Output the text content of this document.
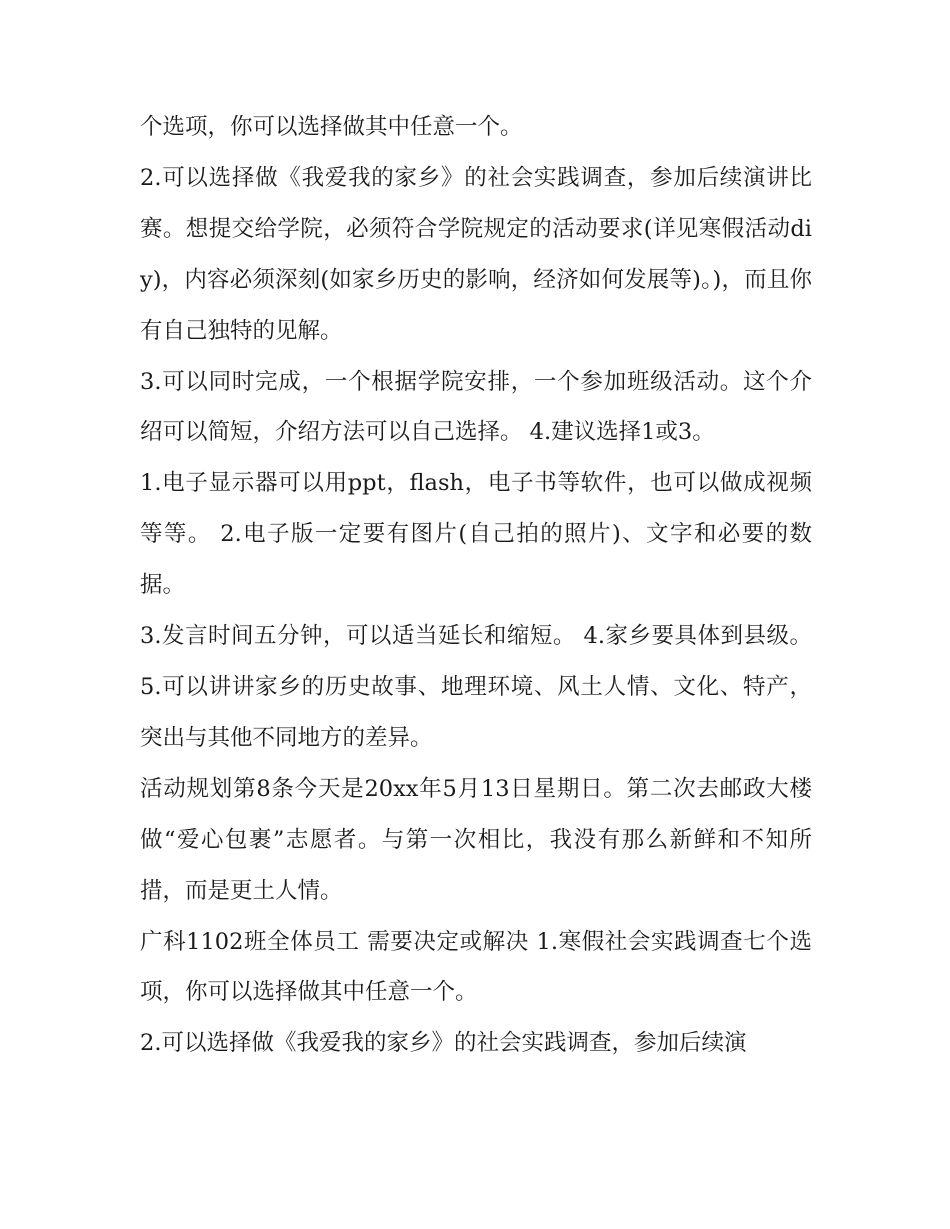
个选项，你可以选择做其中任意一个。

2.可以选择做《我爱我的家乡》的社会实践调查，参加后续演讲比赛。想提交给学院，必须符合学院规定的活动要求(详见寒假活动diy)，内容必须深刻(如家乡历史的影响，经济如何发展等)。)，而且你有自己独特的见解。

3.可以同时完成，一个根据学院安排，一个参加班级活动。这个介绍可以简短，介绍方法可以自己选择。 4.建议选择1或3。

1.电子显示器可以用ppt，flash，电子书等软件，也可以做成视频等等。 2.电子版一定要有图片(自己拍的照片)、文字和必要的数据。

3.发言时间五分钟，可以适当延长和缩短。 4.家乡要具体到县级。 5.可以讲讲家乡的历史故事、地理环境、风土人情、文化、特产，突出与其他不同地方的差异。

活动规划第8条今天是20xx年5月13日星期日。第二次去邮政大楼做“爱心包裹”志愿者。与第一次相比，我没有那么新鲜和不知所措，而是更土人情。

广科1102班全体员工 需要决定或解决 1.寒假社会实践调查七个选项，你可以选择做其中任意一个。

2.可以选择做《我爱我的家乡》的社会实践调查，参加后续演
